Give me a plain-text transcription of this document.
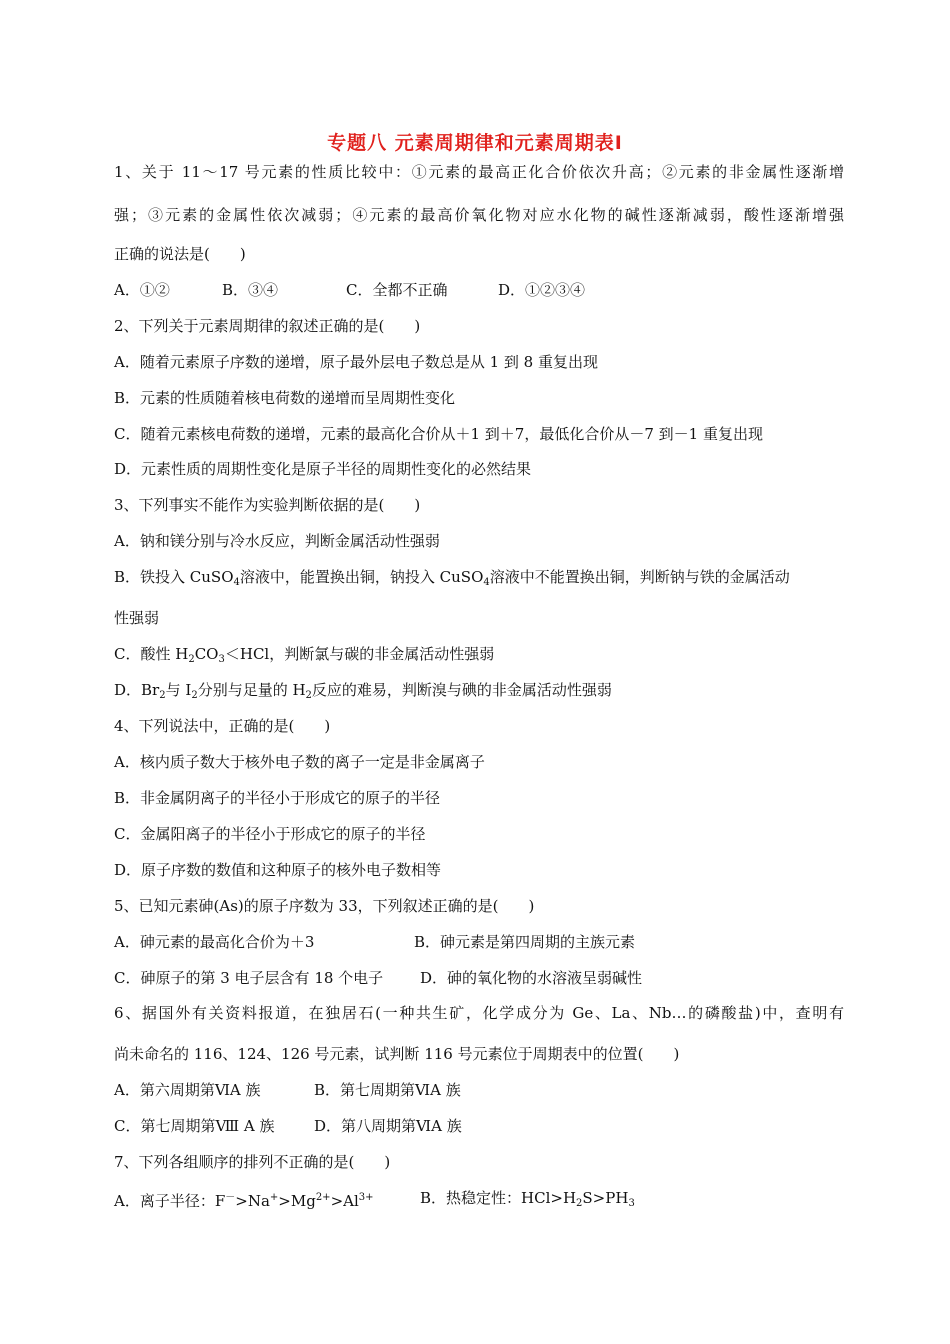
专题八 元素周期律和元素周期表Ⅰ
1、关于 11～17 号元素的性质比较中：①元素的最高正化合价依次升高；②元素的非金属性逐渐增
强；③元素的金属性依次减弱；④元素的最高价氧化物对应水化物的碱性逐渐减弱，酸性逐渐增强
正确的说法是(　　)
A．①②	B．③④	C．全都不正确	D．①②③④
2、下列关于元素周期律的叙述正确的是(　　)
A．随着元素原子序数的递增，原子最外层电子数总是从 1 到 8 重复出现
B．元素的性质随着核电荷数的递增而呈周期性变化
C．随着元素核电荷数的递增，元素的最高化合价从＋1 到＋7，最低化合价从－7 到－1 重复出现
D．元素性质的周期性变化是原子半径的周期性变化的必然结果
3、下列事实不能作为实验判断依据的是(　　)
A．钠和镁分别与冷水反应，判断金属活动性强弱
B．铁投入 CuSO$_4$溶液中，能置换出铜，钠投入 CuSO$_4$溶液中不能置换出铜，判断钠与铁的金属活动
性强弱
C．酸性 $H_2CO_3<HCl$，判断氯与碳的非金属活动性强弱
D．$Br_2$与 $I_2$分别与足量的 $H_2$反应的难易，判断溴与碘的非金属活动性强弱
4、下列说法中，正确的是(　　)
A．核内质子数大于核外电子数的离子一定是非金属离子
B．非金属阴离子的半径小于形成它的原子的半径
C．金属阳离子的半径小于形成它的原子的半径
D．原子序数的数值和这种原子的核外电子数相等
5、已知元素砷(As)的原子序数为 33，下列叙述正确的是(　　)
A．砷元素的最高化合价为＋3	B．砷元素是第四周期的主族元素
C．砷原子的第 3 电子层含有 18 个电子 D．砷的氧化物的水溶液呈弱碱性
6、据国外有关资料报道，在独居石(一种共生矿，化学成分为 Ge、La、Nb…的磷酸盐)中，查明有
尚未命名的 116、124、126 号元素，试判断 116 号元素位于周期表中的位置(　　)
A．第六周期第ⅥA 族	B．第七周期第ⅥA 族
C．第七周期第Ⅷ A 族	D．第八周期第ⅥA 族
7、下列各组顺序的排列不正确的是(　　)
A．离子半径：$F^->Na^+>Mg^{2+}>Al^{3+}$	B．热稳定性：$HCl>H_2S>PH_3$
